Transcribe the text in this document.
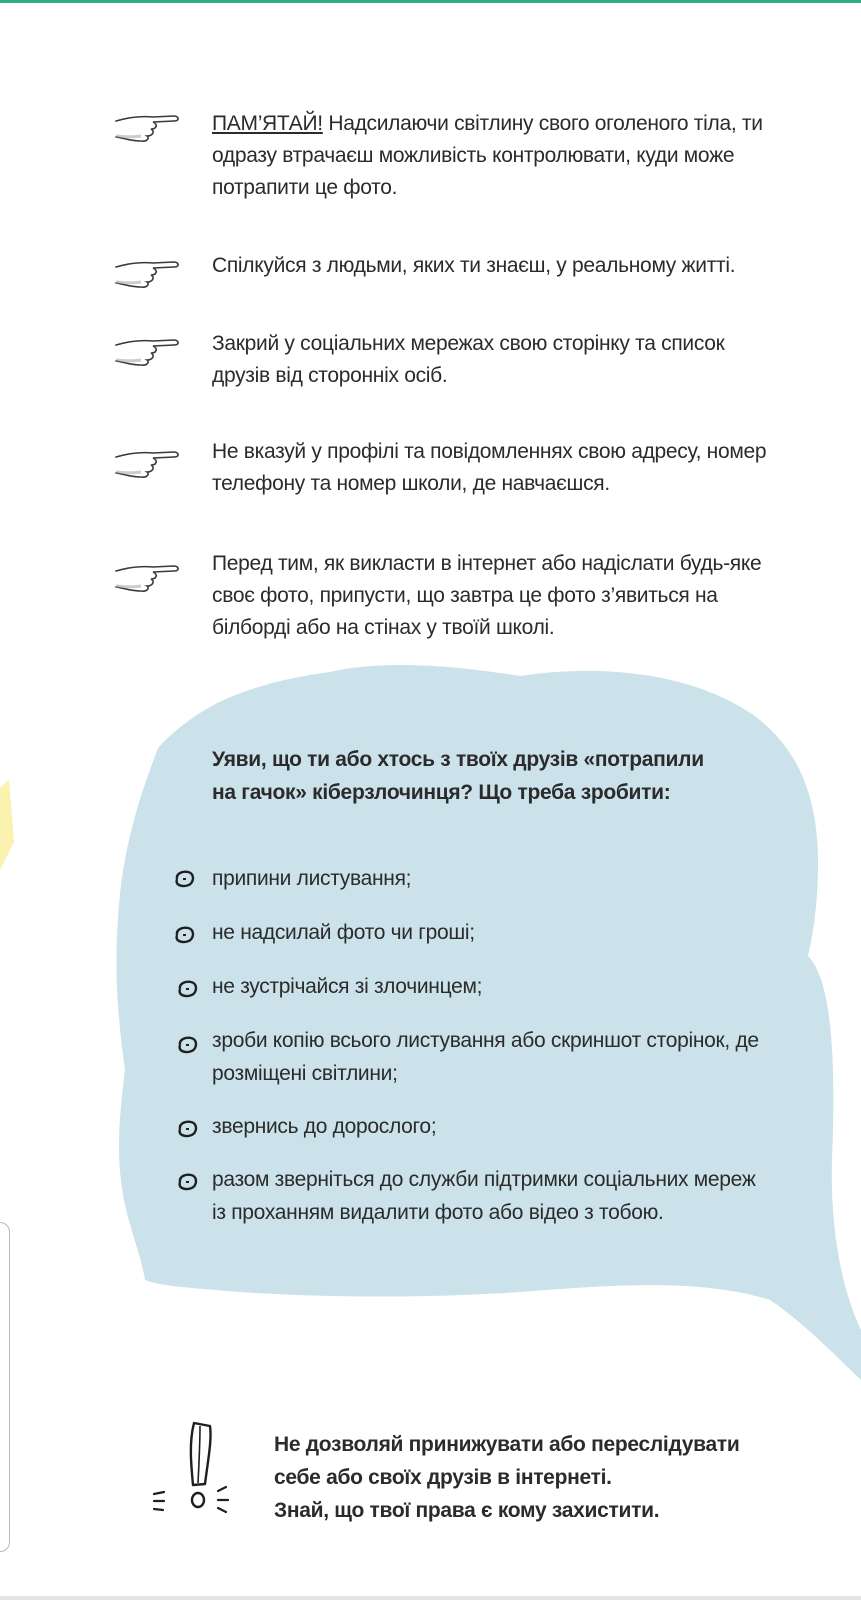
ПАМ’ЯТАЙ! Надсилаючи світлину свого оголеного тіла, ти одразу втрачаєш можливість контролювати, куди може потрапити це фото.
Спілкуйся з людьми, яких ти знаєш, у реальному житті.
Закрий у соціальних мережах свою сторінку та список друзів від сторонніх осіб.
Не вказуй у профілі та повідомленнях свою адресу, номер телефону та номер школи, де навчаєшся.
Перед тим, як викласти в інтернет або надіслати будь-яке своє фото, припусти, що завтра це фото з’явиться на білборді або на стінах у твоїй школі.
Уяви, що ти або хтось з твоїх друзів «потрапили на гачок» кіберзлочинця? Що треба зробити:
припини листування;
не надсилай фото чи гроші;
не зустрічайся зі злочинцем;
зроби копію всього листування або скриншот сторінок, де розміщені світлини;
звернись до дорослого;
разом зверніться до служби підтримки соціальних мереж із проханням видалити фото або відео з тобою.
Не дозволяй принижувати або переслідувати
себе або своїх друзів в інтернеті.
Знай, що твої права є кому захистити.
